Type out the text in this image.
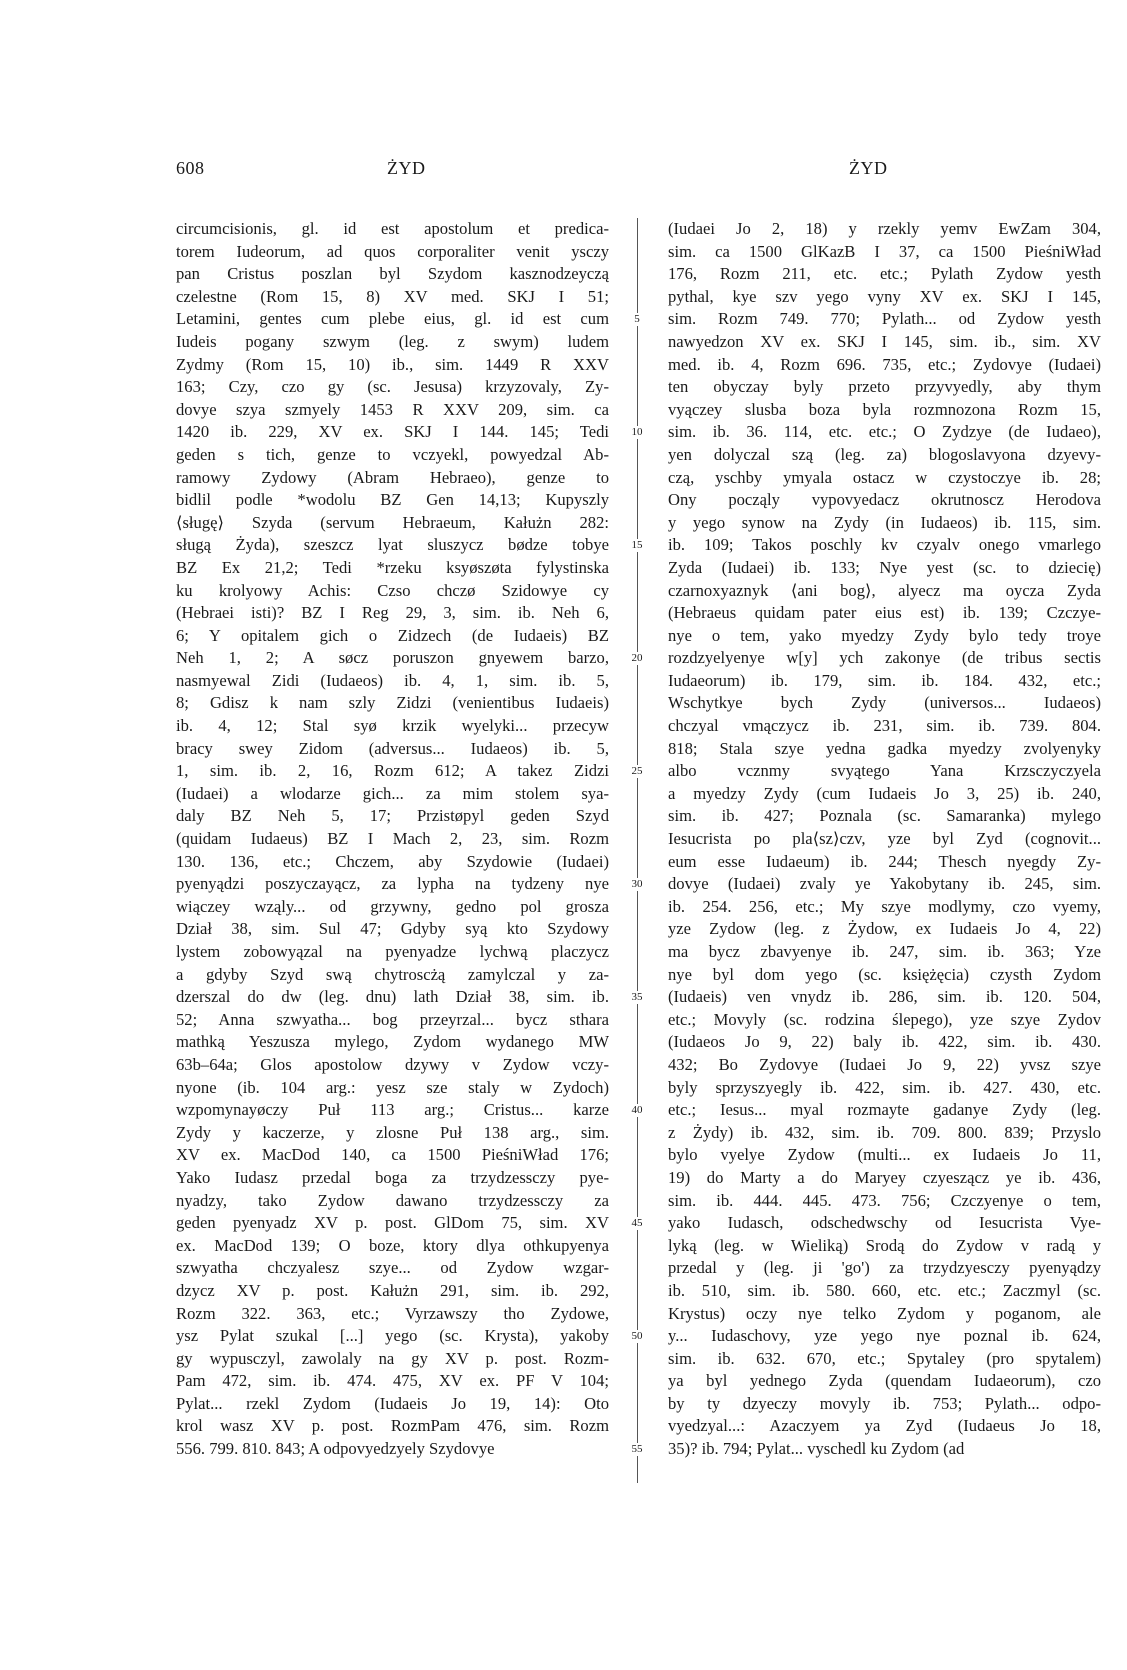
608	ŻYD	ŻYD
circumcisionis, gl. id est apostolum et predica-
torem Iudeorum, ad quos corporaliter venit ysczy
pan Cristus poszlan byl Szydom kasznodzeyczą
czelestne (Rom 15, 8) XV med. SKJ I 51;
Letamini, gentes cum plebe eius, gl. id est cum
Iudeis pogany szwym (leg. z swym) ludem
Zydmy (Rom 15, 10) ib., sim. 1449 R XXV
163; Czy, czo gy (sc. Jesusa) krzyzovaly, Zy-
dovye szya szmyely 1453 R XXV 209, sim. ca
1420 ib. 229, XV ex. SKJ I 144. 145; Tedi
geden s tich, genze to vczyekl, powyedzal Ab-
ramowy Zydowy (Abram Hebraeo), genze to
bidlil podle *wodolu BZ Gen 14,13; Kupyszly
⟨sługę⟩ Szyda (servum Hebraeum, Kałużn 282:
sługą Żyda), szeszcz lyat sluszycz bødze tobye
BZ Ex 21,2; Tedi *rzeku ksyøszøta fylystinska
ku krolyowy Achis: Czso chczø Szidowye cy
(Hebraei isti)? BZ I Reg 29, 3, sim. ib. Neh 6,
6; Y opitalem gich o Zidzech (de Iudaeis) BZ
Neh 1, 2; A søcz poruszon gnyewem barzo,
nasmyewal Zidi (Iudaeos) ib. 4, 1, sim. ib. 5,
8; Gdisz k nam szly Zidzi (venientibus Iudaeis)
ib. 4, 12; Stal syø krzik wyelyki... przecyw
bracy swey Zidom (adversus... Iudaeos) ib. 5,
1, sim. ib. 2, 16, Rozm 612; A takez Zidzi
(Iudaei) a wlodarze gich... za mim stolem sya-
daly BZ Neh 5, 17; Przistøpyl geden Szyd
(quidam Iudaeus) BZ I Mach 2, 23, sim. Rozm
130. 136, etc.; Chczem, aby Szydowie (Iudaei)
pyenyądzi poszyczayącz, za lypha na tydzeny nye
wiączey wząly... od grzywny, gedno pol grosza
Dział 38, sim. Sul 47; Gdyby syą kto Szydowy
lystem zobowyązal na pyenyadze lychwą placzycz
a gdyby Szyd swą chytroscżą zamylczal y za-
dzerszal do dw (leg. dnu) lath Dział 38, sim. ib.
52; Anna szwyatha... bog przeyrzal... bycz sthara
mathką Yeszusza mylego, Zydom wydanego MW
63b–64a; Glos apostolow dzywy v Zydow vczy-
nyone (ib. 104 arg.: yesz sze staly w Zydoch)
wzpomynayøczy Puł 113 arg.; Cristus... karze
Zydy y kaczerze, y zlosne Puł 138 arg., sim.
XV ex. MacDod 140, ca 1500 PieśniWład 176;
Yako Iudasz przedal boga za trzydzessczy pye-
nyadzy, tako Zydow dawano trzydzessczy za
geden pyenyadz XV p. post. GlDom 75, sim. XV
ex. MacDod 139; O boze, ktory dlya othkupyenya
szwyatha chczyalesz szye... od Zydow wzgar-
dzycz XV p. post. Kałużn 291, sim. ib. 292,
Rozm 322. 363, etc.; Vyrzawszy tho Zydowe,
ysz Pylat szukal [...] yego (sc. Krysta), yakoby
gy wypusczyl, zawolaly na gy XV p. post. Rozm-
Pam 472, sim. ib. 474. 475, XV ex. PF V 104;
Pylat... rzekl Zydom (Iudaeis Jo 19, 14): Oto
krol wasz XV p. post. RozmPam 476, sim. Rozm
556. 799. 810. 843; A odpovyedzyely Szydovye
5
10
15
20
25
30
35
40
45
50
55
(Iudaei Jo 2, 18) y rzekly yemv EwZam 304,
sim. ca 1500 GlKazB I 37, ca 1500 PieśniWład
176, Rozm 211, etc. etc.; Pylath Zydow yesth
pythal, kye szv yego vyny XV ex. SKJ I 145,
sim. Rozm 749. 770; Pylath... od Zydow yesth
nawyedzon XV ex. SKJ I 145, sim. ib., sim. XV
med. ib. 4, Rozm 696. 735, etc.; Zydovye (Iudaei)
ten obyczay byly przeto przyvyedly, aby thym
vyączey slusba boza byla rozmnozona Rozm 15,
sim. ib. 36. 114, etc. etc.; O Zydzye (de Iudaeo),
yen dolyczal szą (leg. za) blogoslavyona dzyevy-
czą, yschby ymyala ostacz w czystoczye ib. 28;
Ony począly vypovyedacz okrutnoscz Herodova
y yego synow na Zydy (in Iudaeos) ib. 115, sim.
ib. 109; Takos poschly kv czyalv onego vmarlego
Zyda (Iudaei) ib. 133; Nye yest (sc. to dziecię)
czarnoxyaznyk ⟨ani bog⟩, alyecz ma oycza Zyda
(Hebraeus quidam pater eius est) ib. 139; Czczye-
nye o tem, yako myedzy Zydy bylo tedy troye
rozdzyelyenye w[y] ych zakonye (de tribus sectis
Iudaeorum) ib. 179, sim. ib. 184. 432, etc.;
Wschytkye bych Zydy (universos... Iudaeos)
chczyal vmączycz ib. 231, sim. ib. 739. 804.
818; Stala szye yedna gadka myedzy zvolyenyky
albo vcznmy svyątego Yana Krzsczyczyela
a myedzy Zydy (cum Iudaeis Jo 3, 25) ib. 240,
sim. ib. 427; Poznala (sc. Samaranka) mylego
Iesucrista po pla⟨sz⟩czv, yze byl Zyd (cognovit...
eum esse Iudaeum) ib. 244; Thesch nyegdy Zy-
dovye (Iudaei) zvaly ye Yakobytany ib. 245, sim.
ib. 254. 256, etc.; My szye modlymy, czo vyemy,
yze Zydow (leg. z Żydow, ex Iudaeis Jo 4, 22)
ma bycz zbavyenye ib. 247, sim. ib. 363; Yze
nye byl dom yego (sc. księżęcia) czysth Zydom
(Iudaeis) ven vnydz ib. 286, sim. ib. 120. 504,
etc.; Movyly (sc. rodzina ślepego), yze szye Zydov
(Iudaeos Jo 9, 22) baly ib. 422, sim. ib. 430.
432; Bo Zydovye (Iudaei Jo 9, 22) yvsz szye
byly sprzyszyegly ib. 422, sim. ib. 427. 430, etc.
etc.; Iesus... myal rozmayte gadanye Zydy (leg.
z Żydy) ib. 432, sim. ib. 709. 800. 839; Przyslo
bylo vyelye Zydow (multi... ex Iudaeis Jo 11,
19) do Marty a do Maryey czyeszącz ye ib. 436,
sim. ib. 444. 445. 473. 756; Czczyenye o tem,
yako Iudasch, odschedwschy od Iesucrista Vye-
lyką (leg. w Wieliką) Srodą do Zydow v radą y
przedal y (leg. ji 'go') za trzydzyesczy pyenyądzy
ib. 510, sim. ib. 580. 660, etc. etc.; Zaczmyl (sc.
Krystus) oczy nye telko Zydom y poganom, ale
y... Iudaschovy, yze yego nye poznal ib. 624,
sim. ib. 632. 670, etc.; Spytaley (pro spytalem)
ya byl yednego Zyda (quendam Iudaeorum), czo
by ty dzyeczy movyly ib. 753; Pylath... odpo-
vyedzyal...: Azaczyem ya Zyd (Iudaeus Jo 18,
35)? ib. 794; Pylat... vyschedl ku Zydom (ad
